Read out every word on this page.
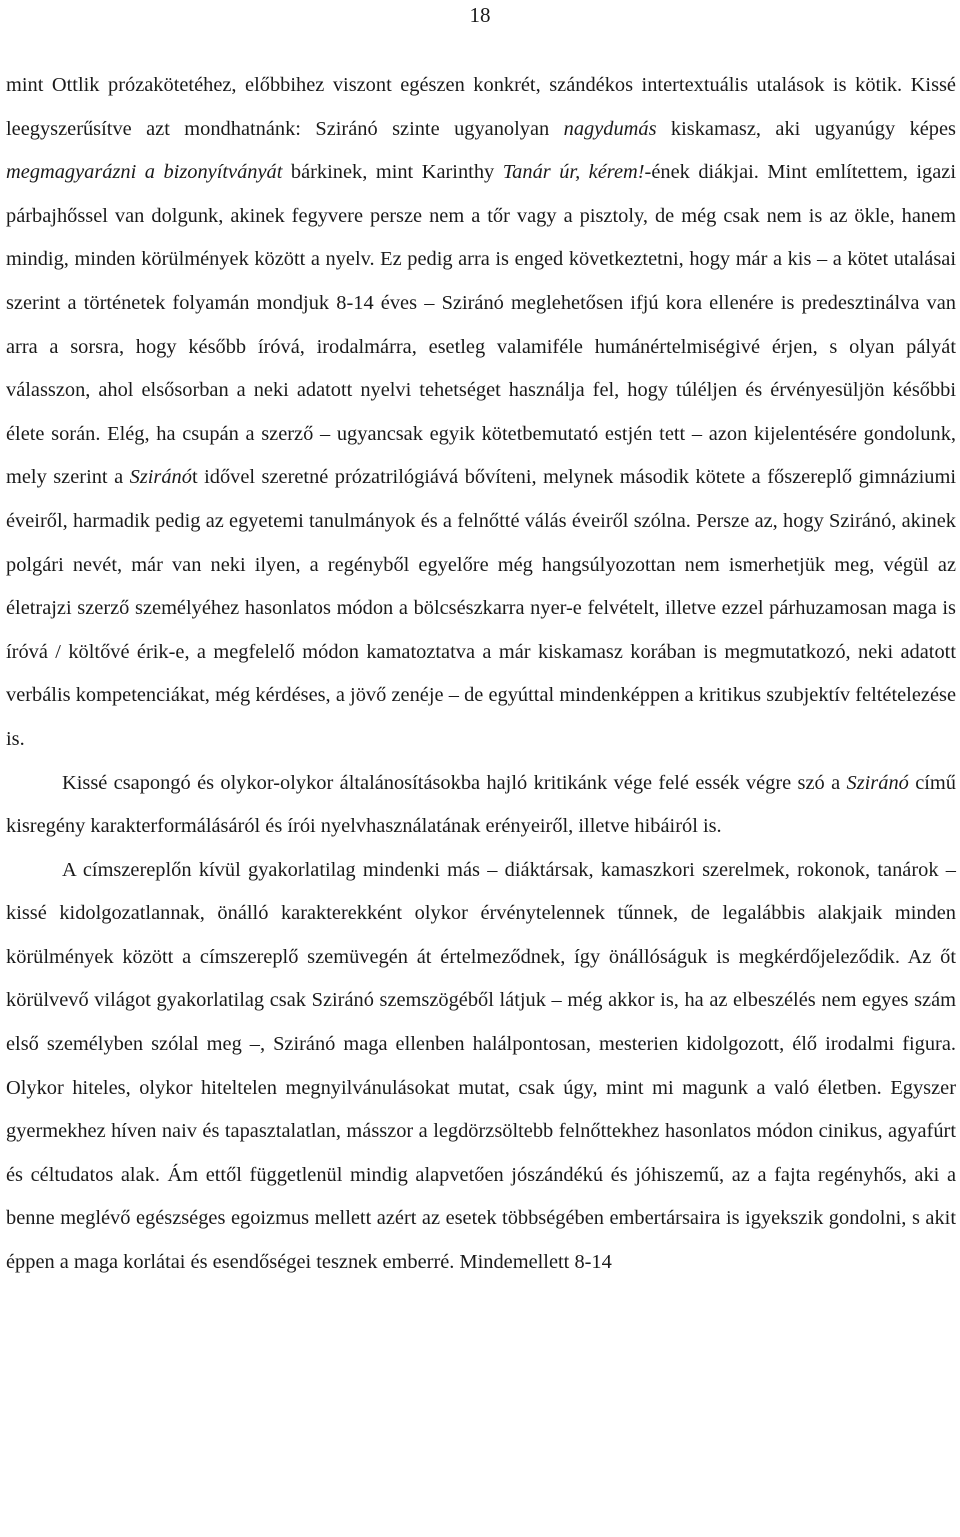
18

mint Ottlik prózakötetéhez, előbbihez viszont egészen konkrét, szándékos intertextuális utalások is kötik. Kissé leegyszerűsítve azt mondhatnánk: Sziránó szinte ugyanolyan nagydumás kiskamasz, aki ugyanúgy képes megmagyarázni a bizonyítványát bárkinek, mint Karinthy Tanár úr, kérem!-ének diákjai. Mint említettem, igazi párbajhőssel van dolgunk, akinek fegyvere persze nem a tőr vagy a pisztoly, de még csak nem is az ökle, hanem mindig, minden körülmények között a nyelv. Ez pedig arra is enged következtetni, hogy már a kis – a kötet utalásai szerint a történetek folyamán mondjuk 8-14 éves – Sziránó meglehetősen ifjú kora ellenére is predesztinálva van arra a sorsra, hogy később íróvá, irodalmárra, esetleg valamiféle humánértelmiségivé érjen, s olyan pályát válasszon, ahol elsősorban a neki adatott nyelvi tehetséget használja fel, hogy túléljen és érvényesüljön későbbi élete során. Elég, ha csupán a szerző – ugyancsak egyik kötetbemutató estjén tett – azon kijelentésére gondolunk, mely szerint a Sziránót idővel szeretné prózatrilógiává bővíteni, melynek második kötete a főszereplő gimnáziumi éveiről, harmadik pedig az egyetemi tanulmányok és a felnőtté válás éveiről szólna. Persze az, hogy Sziránó, akinek polgári nevét, már van neki ilyen, a regényből egyelőre még hangsúlyozottan nem ismerhetjük meg, végül az életrajzi szerző személyéhez hasonlatos módon a bölcsészkarra nyer-e felvételt, illetve ezzel párhuzamosan maga is íróvá / költővé érik-e, a megfelelő módon kamatoztatva a már kiskamasz korában is megmutatkozó, neki adatott verbális kompetenciákat, még kérdéses, a jövő zenéje – de egyúttal mindenképpen a kritikus szubjektív feltételezése is.

Kissé csapongó és olykor-olykor általánosításokba hajló kritikánk vége felé essék végre szó a Sziránó című kisregény karakterformálásáról és írói nyelvhasználatának erényeiről, illetve hibáiról is.

A címszereplőn kívül gyakorlatilag mindenki más – diáktársak, kamaszkori szerelmek, rokonok, tanárok – kissé kidolgozatlannak, önálló karakterekként olykor érvénytelennek tűnnek, de legalábbis alakjaik minden körülmények között a címszereplő szemüvegén át értelmeződnek, így önállóságuk is megkérdőjeleződik. Az őt körülvevő világot gyakorlatilag csak Sziránó szemszögéből látjuk – még akkor is, ha az elbeszélés nem egyes szám első személyben szólal meg –, Sziránó maga ellenben halálpontosan, mesterien kidolgozott, élő irodalmi figura. Olykor hiteles, olykor hiteltelen megnyilvánulásokat mutat, csak úgy, mint mi magunk a való életben. Egyszer gyermekhez híven naiv és tapasztalatlan, másszor a legdörzsöltebb felnőttekhez hasonlatos módon cinikus, agyafúrt és céltudatos alak. Ám ettől függetlenül mindig alapvetően jószándékú és jóhiszemű, az a fajta regényhős, aki a benne meglévő egészséges egoizmus mellett azért az esetek többségében embertársaira is igyekszik gondolni, s akit éppen a maga korlátai és esendőségei tesznek emberré. Mindemellett 8-14
